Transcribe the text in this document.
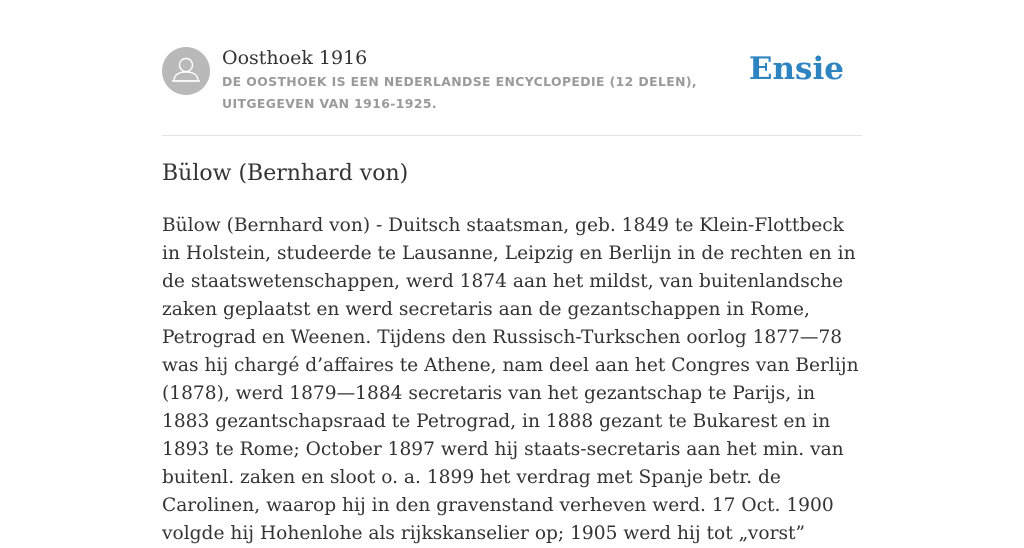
Oosthoek 1916

DE OOSTHOEK IS EEN NEDERLANDSE ENCYCLOPEDIE (12 DELEN), UITGEGEVEN VAN 1916-1925.

Ensie
Bülow (Bernhard von)

Bülow (Bernhard von) - Duitsch staatsman, geb. 1849 te Klein-Flottbeck in Holstein, studeerde te Lausanne, Leipzig en Berlijn in de rechten en in de staatswetenschappen, werd 1874 aan het mildst, van buitenlandsche zaken geplaatst en werd secretaris aan de gezantschappen in Rome, Petrograd en Weenen. Tijdens den Russisch-Turkschen oorlog 1877—78 was hij chargé d’affaires te Athene, nam deel aan het Congres van Berlijn (1878), werd 1879—1884 secretaris van het gezantschap te Parijs, in 1883 gezantschapsraad te Petrograd, in 1888 gezant te Bukarest en in 1893 te Rome; October 1897 werd hij staats-secretaris aan het min. van buitenl. zaken en sloot o. a. 1899 het verdrag met Spanje betr. de Carolinen, waarop hij in den gravenstand verheven werd. 17 Oct. 1900 volgde hij Hohenlohe als rijkskanselier op; 1905 werd hij tot „vorst”
